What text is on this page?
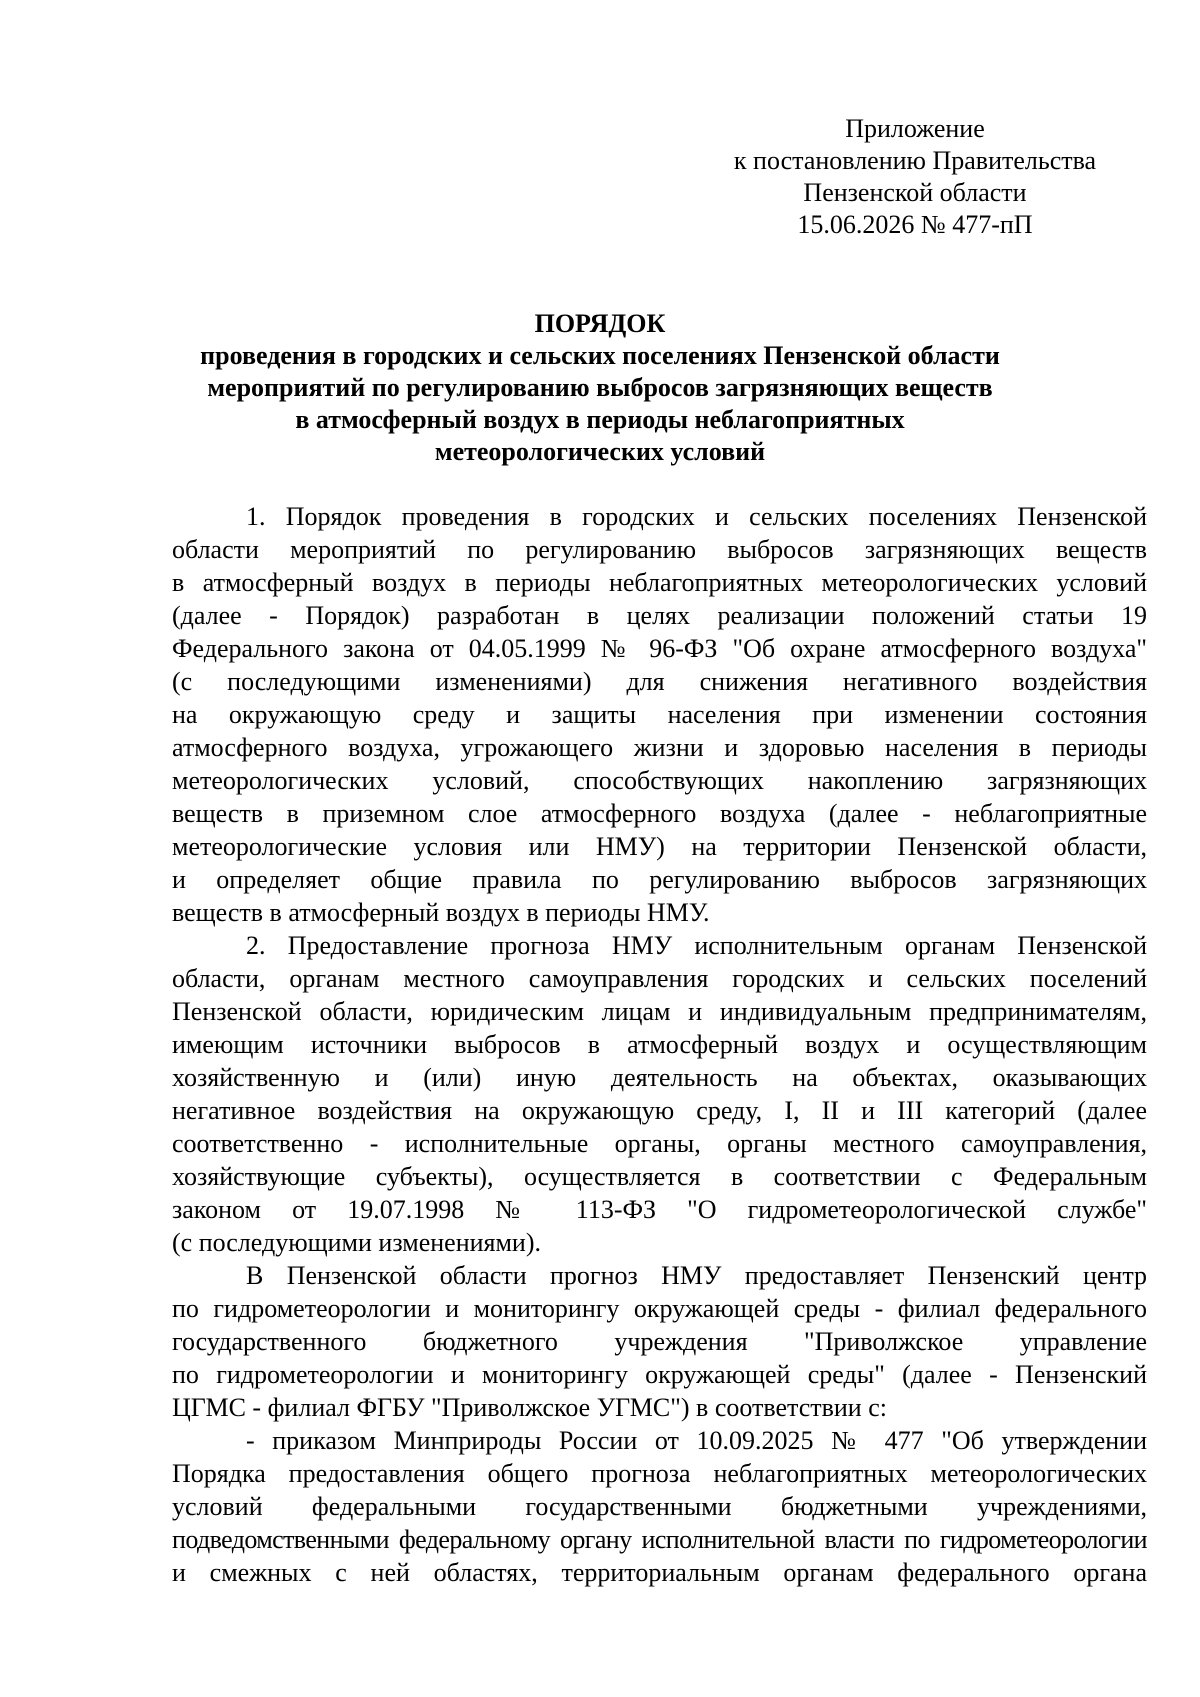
Приложение
к постановлению Правительства
Пензенской области
15.06.2026 № 477-пП
ПОРЯДОК
проведения в городских и сельских поселениях Пензенской области
мероприятий по регулированию выбросов загрязняющих веществ
в атмосферный воздух в периоды неблагоприятных
метеорологических условий
1. Порядок проведения в городских и сельских поселениях Пензенской
области мероприятий по регулированию выбросов загрязняющих веществ
в атмосферный воздух в периоды неблагоприятных метеорологических условий
(далее - Порядок) разработан в целях реализации положений статьи 19
Федерального закона от 04.05.1999 № 96-ФЗ "Об охране атмосферного воздуха"
(с последующими изменениями) для снижения негативного воздействия
на окружающую среду и защиты населения при изменении состояния
атмосферного воздуха, угрожающего жизни и здоровью населения в периоды
метеорологических условий, способствующих накоплению загрязняющих
веществ в приземном слое атмосферного воздуха (далее - неблагоприятные
метеорологические условия или НМУ) на территории Пензенской области,
и определяет общие правила по регулированию выбросов загрязняющих
веществ в атмосферный воздух в периоды НМУ.
2. Предоставление прогноза НМУ исполнительным органам Пензенской
области, органам местного самоуправления городских и сельских поселений
Пензенской области, юридическим лицам и индивидуальным предпринимателям,
имеющим источники выбросов в атмосферный воздух и осуществляющим
хозяйственную и (или) иную деятельность на объектах, оказывающих
негативное воздействия на окружающую среду, I, II и III категорий (далее
соответственно - исполнительные органы, органы местного самоуправления,
хозяйствующие субъекты), осуществляется в соответствии с Федеральным
законом от 19.07.1998 № 113-ФЗ "О гидрометеорологической службе"
(с последующими изменениями).
В Пензенской области прогноз НМУ предоставляет Пензенский центр
по гидрометеорологии и мониторингу окружающей среды - филиал федерального
государственного бюджетного учреждения "Приволжское управление
по гидрометеорологии и мониторингу окружающей среды" (далее - Пензенский
ЦГМС - филиал ФГБУ "Приволжское УГМС") в соответствии с:
- приказом Минприроды России от 10.09.2025 № 477 "Об утверждении
Порядка предоставления общего прогноза неблагоприятных метеорологических
условий федеральными государственными бюджетными учреждениями,
подведомственными федеральному органу исполнительной власти по гидрометеорологии
и смежных с ней областях, территориальным органам федерального органа
